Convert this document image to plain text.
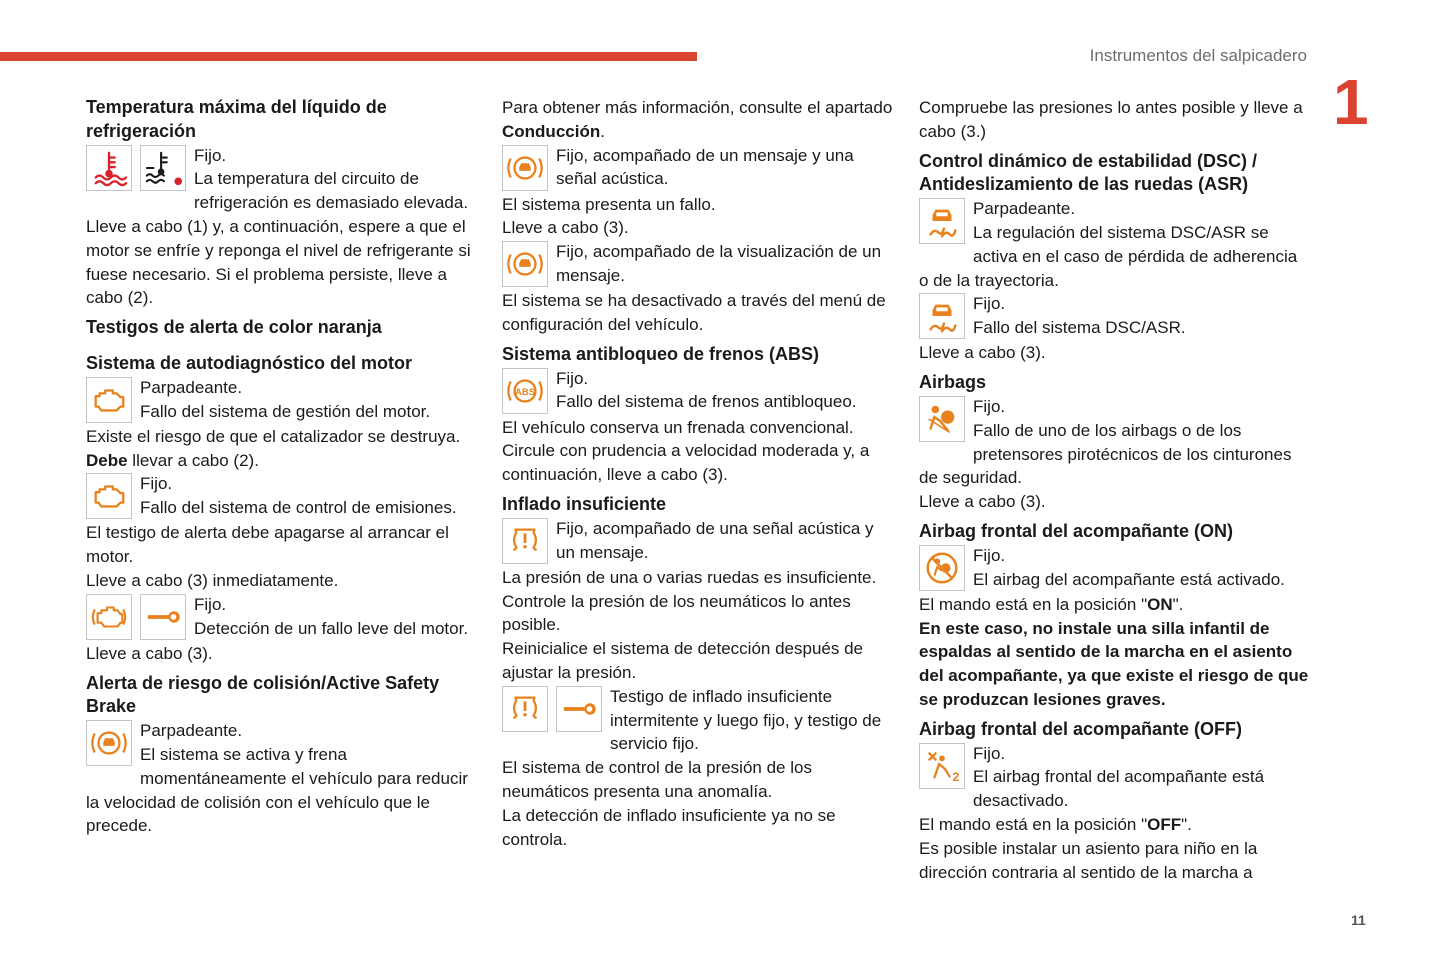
Instrumentos del salpicadero
1
11
Temperatura máxima del líquido de refrigeración

Fijo.

La temperatura del circuito de refrigeración es demasiado elevada.

Lleve a cabo (1) y, a continuación, espere a que el motor se enfríe y reponga el nivel de refrigerante si fuese necesario. Si el problema persiste, lleve a cabo (2).

Testigos de alerta de color naranja
Sistema de autodiagnóstico del motor

Parpadeante.

Fallo del sistema de gestión del motor.

Existe el riesgo de que el catalizador se destruya.

Debe llevar a cabo (2).

Fijo.

Fallo del sistema de control de emisiones.

El testigo de alerta debe apagarse al arrancar el motor.

Lleve a cabo (3) inmediatamente.

Fijo.

Detección de un fallo leve del motor.

Lleve a cabo (3).

Alerta de riesgo de colisión/Active Safety Brake

Parpadeante.

El sistema se activa y frena momentáneamente el vehículo para reducir la velocidad de colisión con el vehículo que le precede.

Para obtener más información, consulte el apartado Conducción.

Fijo, acompañado de un mensaje y una señal acústica.

El sistema presenta un fallo.

Lleve a cabo (3).

Fijo, acompañado de la visualización de un mensaje.

El sistema se ha desactivado a través del menú de configuración del vehículo.

Sistema antibloqueo de frenos (ABS)
ABS

Fijo.

Fallo del sistema de frenos antibloqueo.

El vehículo conserva un frenada convencional.

Circule con prudencia a velocidad moderada y, a continuación, lleve a cabo (3).

Inflado insuficiente

Fijo, acompañado de una señal acústica y un mensaje.

La presión de una o varias ruedas es insuficiente.

Controle la presión de los neumáticos lo antes posible.

Reinicialice el sistema de detección después de ajustar la presión.

Testigo de inflado insuficiente intermitente y luego fijo, y testigo de servicio fijo.

El sistema de control de la presión de los neumáticos presenta una anomalía.

La detección de inflado insuficiente ya no se controla.

Compruebe las presiones lo antes posible y lleve a cabo (3.)

Control dinámico de estabilidad (DSC) / Antideslizamiento de las ruedas (ASR)

Parpadeante.

La regulación del sistema DSC/ASR se activa en el caso de pérdida de adherencia o de la trayectoria.

Fijo.

Fallo del sistema DSC/ASR.

Lleve a cabo (3).

Airbags

Fijo.

Fallo de uno de los airbags o de los pretensores pirotécnicos de los cinturones de seguridad.

Lleve a cabo (3).

Airbag frontal del acompañante (ON)

Fijo.

El airbag del acompañante está activado.

El mando está en la posición "ON".

En este caso, no instale una silla infantil de espaldas al sentido de la marcha en el asiento del acompañante, ya que existe el riesgo de que se produzcan lesiones graves.

Airbag frontal del acompañante (OFF)
2

Fijo.

El airbag frontal del acompañante está desactivado.

El mando está en la posición "OFF".

Es posible instalar un asiento para niño en la dirección contraria al sentido de la marcha a
